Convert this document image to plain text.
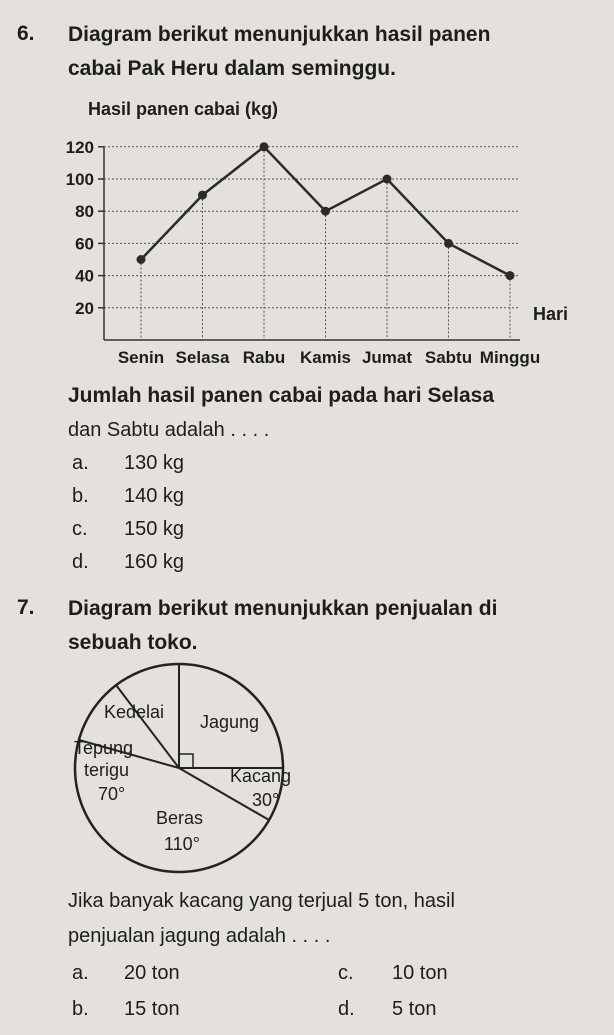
6. Diagram berikut menunjukkan hasil panen
cabai Pak Heru dalam seminggu.
Hasil panen cabai (kg)
120
100
80
60
40
20
Senin Selasa Rabu Kamis Jumat Sabtu Minggu
Hari
Jumlah hasil panen cabai pada hari Selasa
dan Sabtu adalah . . . .
a. 130 kg
b. 140 kg
c. 150 kg
d. 160 kg
7. Diagram berikut menunjukkan penjualan di
sebuah toko.
Kedelai Jagung
Tepung
terigu
70°
Kacang
30°
Beras
110°
Jika banyak kacang yang terjual 5 ton, hasil
penjualan jagung adalah . . . .
a. 20 ton
b. 15 ton
c. 10 ton
d. 5 ton
